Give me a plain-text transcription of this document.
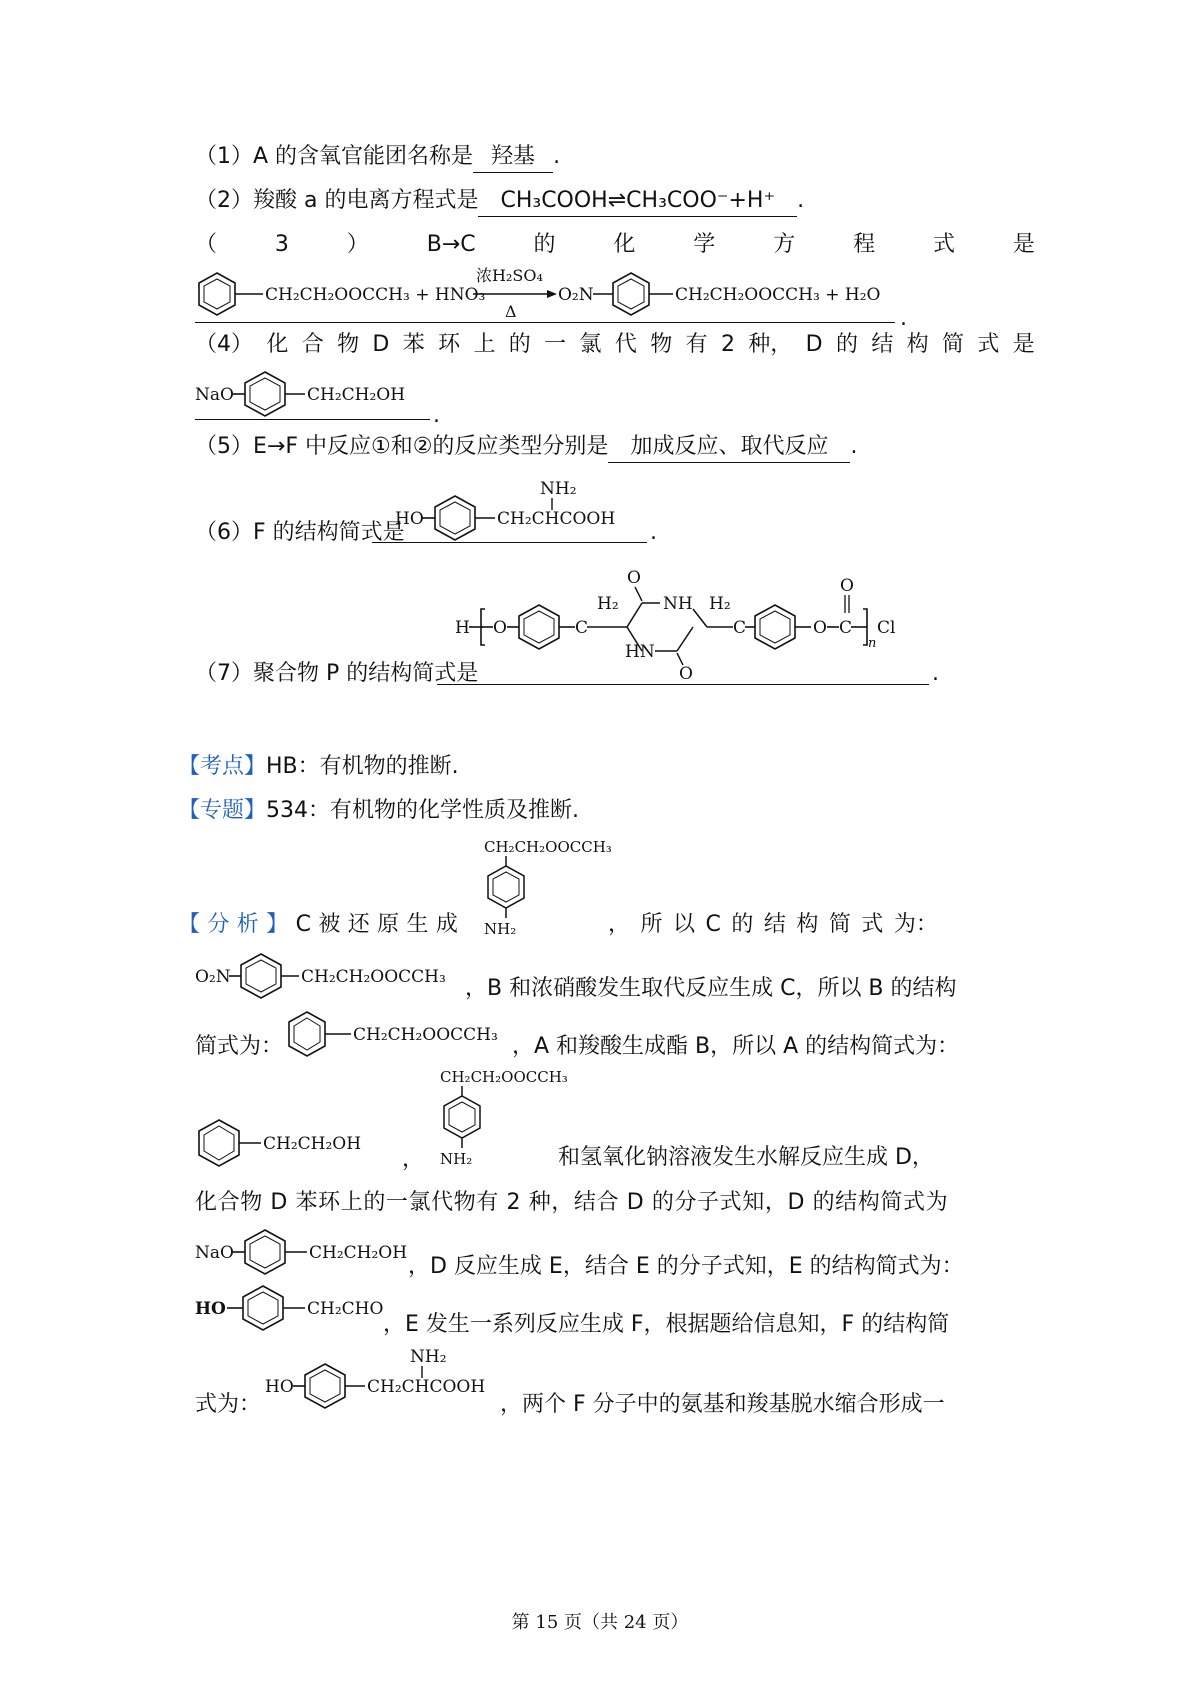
（1）A 的含氧官能团名称是 羟基 .
（2）羧酸 a 的电离方程式是 CH₃COOH⇌CH₃COO⁻+H⁺ .
（	3	）	B→C	的	化	学	方	程	式	是
CH₂CH₂OOCCH₃ + HNO₃
浓H₂SO₄
Δ
O₂N	CH₂CH₂OOCCH₃ + H₂O
.
（4） 化 合 物 D 苯 环 上 的 一 氯 代 物 有 2 种， D 的 结 构 简 式 是
NaO	CH₂CH₂OH
.
（5）E→F 中反应①和②的反应类型分别是 加成反应、取代反应 .
（6）F 的结构简式是
HO	CH₂CHCOOH
NH₂
.
H O	C
H₂
HN
O
NH
O
H₂
C	O C
O
n
Cl
（7）聚合物 P 的结构简式是	.
【考点】HB：有机物的推断.
【专题】534：有机物的化学性质及推断.
CH₂CH₂OOCCH₃
NH₂
【 分 析 】 C 被 还 原 生 成	， 所 以 C 的 结 构 简 式 为：
O₂N	CH₂CH₂OOCCH₃ ，B 和浓硝酸发生取代反应生成 C，所以 B 的结构
简式为：	CH₂CH₂OOCCH₃ ，A 和羧酸生成酯 B，所以 A 的结构简式为：
CH₂CH₂OH
，
CH₂CH₂OOCCH₃
NH₂	和氢氧化钠溶液发生水解反应生成 D，
化合物 D 苯环上的一氯代物有 2 种，结合 D 的分子式知，D 的结构简式为
NaO	CH₂CH₂OH
，D 反应生成 E，结合 E 的分子式知，E 的结构简式为：
HO	CH₂CHO
，E 发生一系列反应生成 F，根据题给信息知，F 的结构简
式为：
HO	CH₂CHCOOH
NH₂
，两个 F 分子中的氨基和羧基脱水缩合形成一
第 15 页（共 24 页）
